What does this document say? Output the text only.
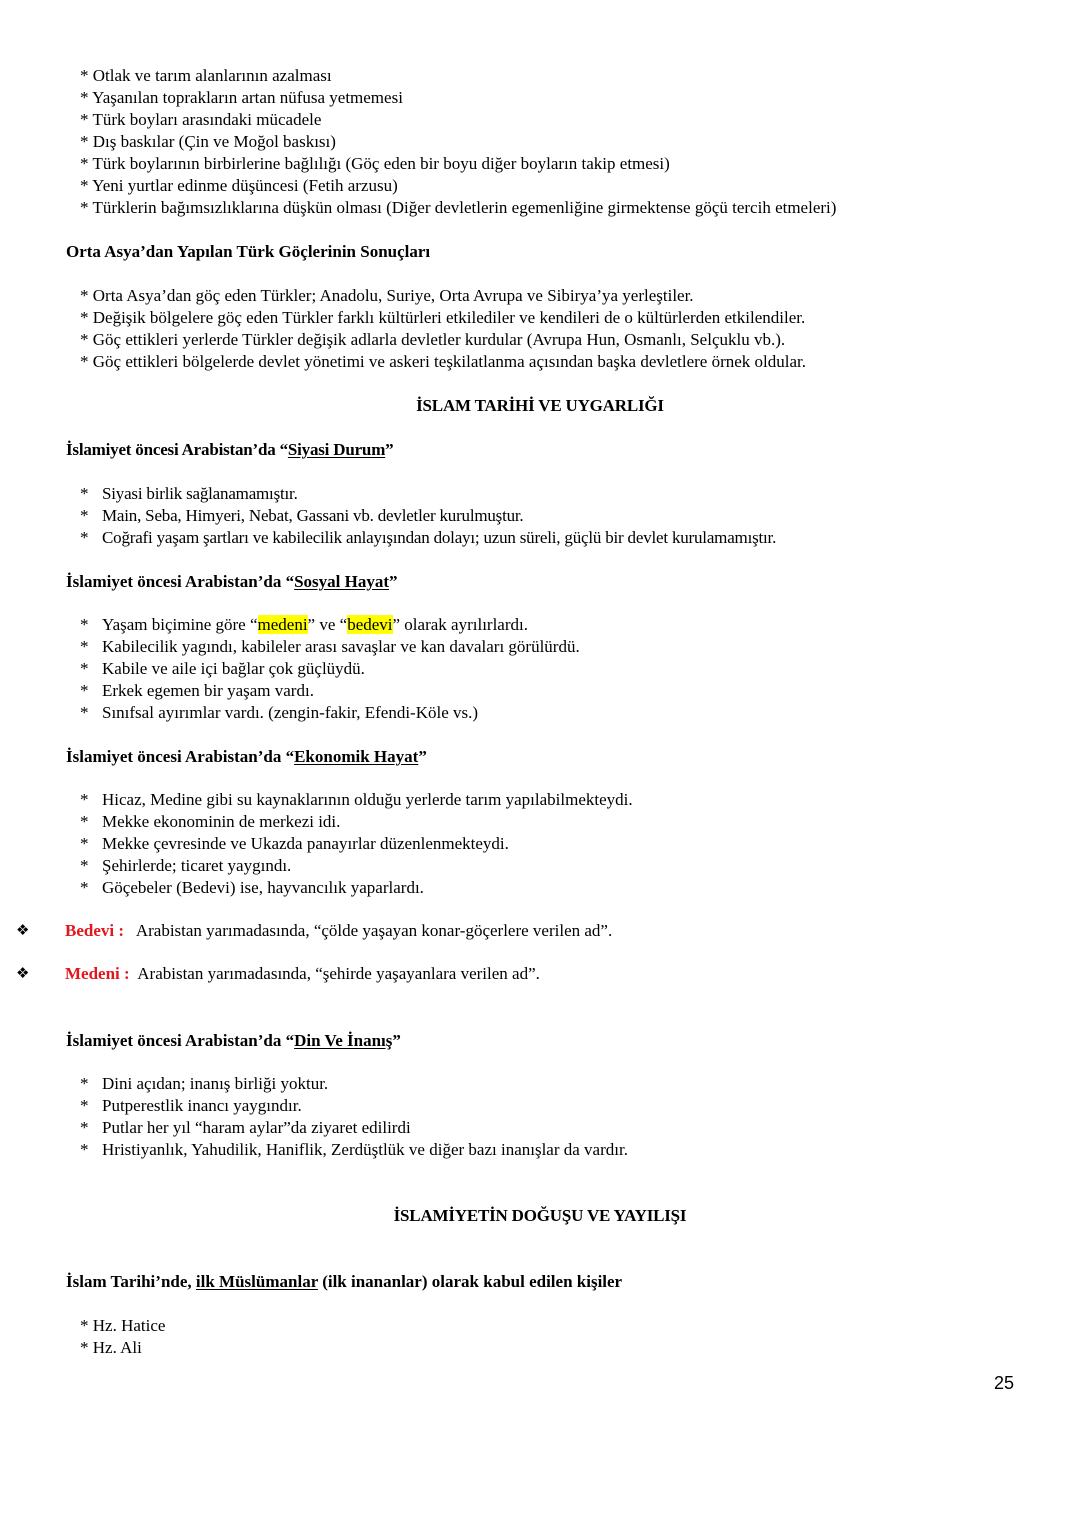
* Otlak ve tarım alanlarının azalması
* Yaşanılan toprakların artan nüfusa yetmemesi
* Türk boyları arasındaki mücadele
* Dış baskılar (Çin ve Moğol baskısı)
* Türk boylarının birbirlerine bağlılığı (Göç eden bir boyu diğer boyların takip etmesi)
* Yeni yurtlar edinme düşüncesi (Fetih arzusu)
* Türklerin bağımsızlıklarına düşkün olması (Diğer devletlerin egemenliğine girmektense göçü tercih etmeleri)
Orta Asya’dan Yapılan Türk Göçlerinin Sonuçları
* Orta Asya’dan göç eden Türkler; Anadolu, Suriye, Orta Avrupa ve Sibirya’ya yerleştiler.
* Değişik bölgelere göç eden Türkler farklı kültürleri etkilediler ve kendileri de o kültürlerden etkilendiler.
* Göç ettikleri yerlerde Türkler değişik adlarla devletler kurdular (Avrupa Hun, Osmanlı, Selçuklu vb.).
* Göç ettikleri bölgelerde devlet yönetimi ve askeri teşkilatlanma açısından başka devletlere örnek oldular.
İSLAM TARİHİ VE UYGARLIĞI
İslamiyet öncesi Arabistan’da “Siyasi Durum”
* Siyasi birlik sağlanamamıştır.
* Main, Seba, Himyeri, Nebat, Gassani vb. devletler kurulmuştur.
* Coğrafi yaşam şartları ve kabilecilik anlayışından dolayı; uzun süreli, güçlü bir devlet kurulamamıştır.
İslamiyet öncesi Arabistan’da “Sosyal Hayat”
* Yaşam biçimine göre “medeni” ve “bedevi” olarak ayrılırlardı.
* Kabilecilik yagındı, kabileler arası savaşlar ve kan davaları görülürdü.
* Kabile ve aile içi bağlar çok güçlüydü.
* Erkek egemen bir yaşam vardı.
* Sınıfsal ayırımlar vardı. (zengin-fakir, Efendi-Köle vs.)
İslamiyet öncesi Arabistan’da “Ekonomik Hayat”
* Hicaz, Medine gibi su kaynaklarının olduğu yerlerde tarım yapılabilmekteydi.
* Mekke ekonominin de merkezi idi.
* Mekke çevresinde ve Ukazda panayırlar düzenlenmekteydi.
* Şehirlerde; ticaret yaygındı.
* Göçebeler (Bedevi) ise, hayvancılık yaparlardı.
❖ Bedevi : Arabistan yarımadasında, “çölde yaşayan konar-göçerlere verilen ad”.
❖ Medeni : Arabistan yarımadasında, “şehirde yaşayanlara verilen ad”.
İslamiyet öncesi Arabistan’da “Din Ve İnanış”
* Dini açıdan; inanış birliği yoktur.
* Putperestlik inancı yaygındır.
* Putlar her yıl “haram aylar”da ziyaret edilirdi
* Hristiyanlık, Yahudilik, Haniflik, Zerdüştlük ve diğer bazı inanışlar da vardır.
İSLAMİYETİN DOĞUŞU VE YAYILIŞI
İslam Tarihi’nde, ilk Müslümanlar (ilk inananlar) olarak kabul edilen kişiler
* Hz. Hatice
* Hz. Ali
25
